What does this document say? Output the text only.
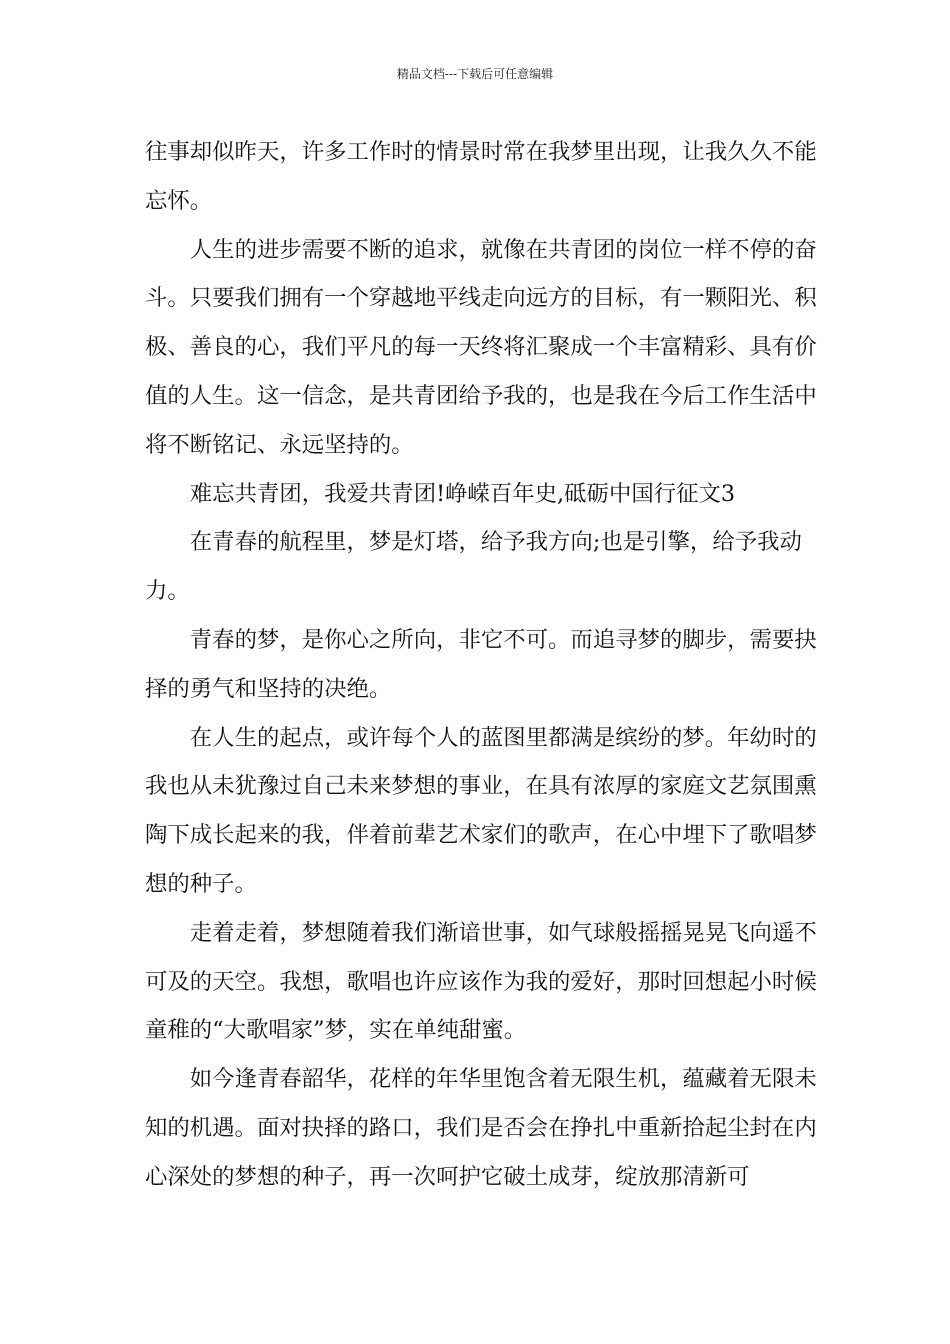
精品文档---下载后可任意编辑

往事却似昨天，许多工作时的情景时常在我梦里出现，让我久久不能忘怀。

人生的进步需要不断的追求，就像在共青团的岗位一样不停的奋斗。只要我们拥有一个穿越地平线走向远方的目标，有一颗阳光、积极、善良的心，我们平凡的每一天终将汇聚成一个丰富精彩、具有价值的人生。这一信念，是共青团给予我的，也是我在今后工作生活中将不断铭记、永远坚持的。

难忘共青团，我爱共青团!峥嵘百年史,砥砺中国行征文3

在青春的航程里，梦是灯塔，给予我方向;也是引擎，给予我动力。

青春的梦，是你心之所向，非它不可。而追寻梦的脚步，需要抉择的勇气和坚持的决绝。

在人生的起点，或许每个人的蓝图里都满是缤纷的梦。年幼时的我也从未犹豫过自己未来梦想的事业，在具有浓厚的家庭文艺氛围熏陶下成长起来的我，伴着前辈艺术家们的歌声，在心中埋下了歌唱梦想的种子。

走着走着，梦想随着我们渐谙世事，如气球般摇摇晃晃飞向遥不可及的天空。我想，歌唱也许应该作为我的爱好，那时回想起小时候童稚的“大歌唱家”梦，实在单纯甜蜜。

如今逢青春韶华，花样的年华里饱含着无限生机，蕴藏着无限未知的机遇。面对抉择的路口，我们是否会在挣扎中重新拾起尘封在内心深处的梦想的种子，再一次呵护它破土成芽，绽放那清新可
